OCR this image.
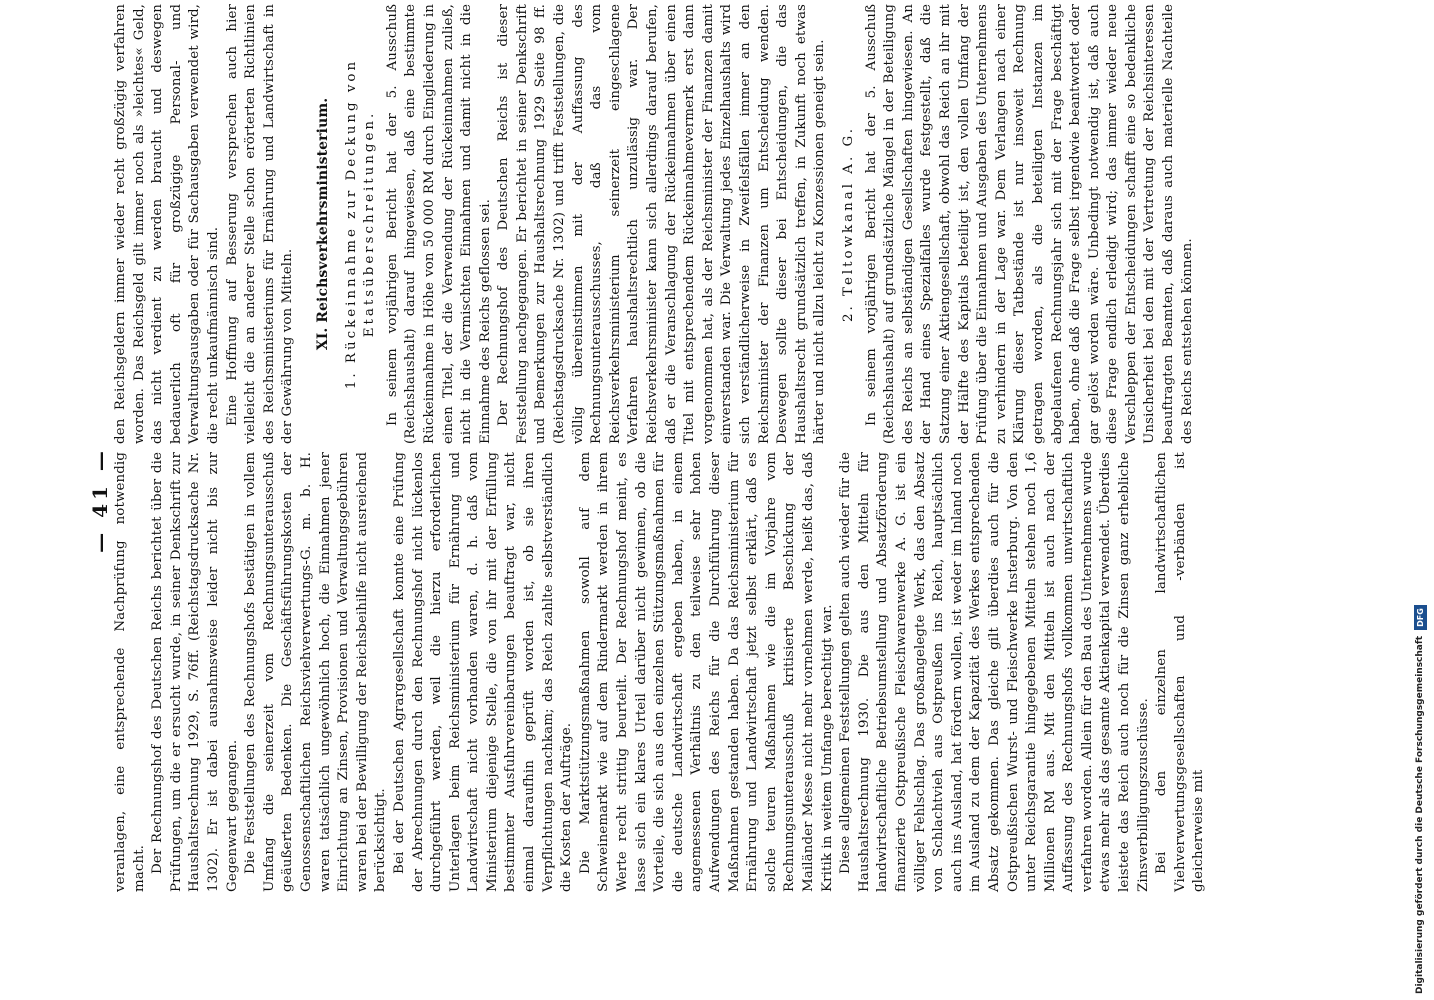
— 41 — veranlagen, eine entsprechende Nachprüfung notwendig macht. Der Rechnungshof des Deutschen Reichs berichtet über die Prüfungen, um die er ersucht wurde, in seiner Denkschrift zur Haushaltsrechnung 1929, S. 76ff. (Reichstagsdrucksache Nr. 1302). Er ist dabei ausnahmsweise leider nicht bis zur Gegenwart gegangen. Die Feststellungen des Rechnungshofs bestätigen in vollem Umfang die seinerzeit vom Rechnungsunterausschuß geäußerten Bedenken. Die Geschäftsführungskosten der Genossenschaftlichen Reichsviehverwertungs-G. m. b. H. waren tatsächlich ungewöhnlich hoch, die Einnahmen jener Einrichtung an Zinsen, Provisionen und Verwaltungsgebühren waren bei der Bewilligung der Reichsbeihilfe nicht ausreichend berücksichtigt. Bei der Deutschen Agrargesellschaft konnte eine Prüfung der Abrechnungen durch den Rechnungshof nicht lückenlos durchgeführt werden, weil die hierzu erforderlichen Unterlagen beim Reichsministerium für Ernährung und Landwirtschaft nicht vorhanden waren, d. h. daß vom Ministerium diejenige Stelle, die von ihr mit der Erfüllung bestimmter Ausfuhrvereinbarungen beauftragt war, nicht einmal daraufhin geprüft worden ist, ob sie ihren Verpflichtungen nachkam; das Reich zahlte selbstverständlich die Kosten der Aufträge. Die Marktstützungsmaßnahmen sowohl auf dem Schweinemarkt wie auf dem Rindermarkt werden in ihrem Werte recht strittig beurteilt. Der Rechnungshof meint, es lasse sich ein klares Urteil darüber nicht gewinnen, ob die Vorteile, die sich aus den einzelnen Stützungsmaßnahmen für die deutsche Landwirtschaft ergeben haben, in einem angemessenen Verhältnis zu den teilweise sehr hohen Aufwendungen des Reichs für die Durchführung dieser Maßnahmen gestanden haben. Da das Reichsministerium für Ernährung und Landwirtschaft jetzt selbst erklärt, daß es solche teuren Maßnahmen wie die im Vorjahre vom Rechnungsunterausschuß kritisierte Beschickung der Mailänder Messe nicht mehr vornehmen werde, heißt das, daß Kritik in weitem Umfange berechtigt war. Diese allgemeinen Feststellungen gelten auch wieder für die Haushaltsrechnung 1930. Die aus den Mitteln für landwirtschaftliche Betriebsumstellung und Absatzförderung finanzierte Ostpreußische Fleischwarenwerke A. G. ist ein völliger Fehlschlag. Das großangelegte Werk, das den Absatz von Schlachtvieh aus Ostpreußen ins Reich, hauptsächlich auch ins Ausland, hat fördern wollen, ist weder im Inland noch im Ausland zu dem der Kapazität des Werkes entsprechenden Absatz gekommen. Das gleiche gilt überdies auch für die Ostpreußischen Wurst- und Fleischwerke Insterburg. Von den unter Reichsgarantie hingegebenen Mitteln stehen noch 1,6 Millionen RM aus. Mit den Mitteln ist auch nach der Auffassung des Rechnungshofs vollkommen unwirtschaftlich verfahren worden. Allein für den Bau des Unternehmens wurde etwas mehr als das gesamte Aktienkapital verwendet. Überdies leistete das Reich auch noch für die Zinsen ganz erhebliche Zinsverbilligungszuschüsse. Bei den einzelnen landwirtschaftlichen Viehverwertungsgesellschaften und -verbänden ist gleicherweise mit

den Reichsgeldern immer wieder recht großzügig verfahren worden. Das Reichsgeld gilt immer noch als »leichtes« Geld, das nicht verdient zu werden braucht und deswegen bedauerlich oft für großzügige Personal- und Verwaltungsausgaben oder für Sachausgaben verwendet wird, die recht unkaufmännisch sind. Eine Hoffnung auf Besserung versprechen auch hier vielleicht die an anderer Stelle schon erörterten Richtlinien des Reichsministeriums für Ernährung und Landwirtschaft in der Gewährung von Mitteln. XI. Reichsverkehrsministerium. 1. Rückeinnahme zur Deckung von Etatsüberschreitungen. In seinem vorjährigen Bericht hat der 5. Ausschuß (Reichshaushalt) darauf hingewiesen, daß eine bestimmte Rückeinnahme in Höhe von 50 000 RM durch Eingliederung in einen Titel, der die Verwendung der Rückeinnahmen zuließ, nicht in die Vermischten Einnahmen und damit nicht in die Einnahme des Reichs geflossen sei. Der Rechnungshof des Deutschen Reichs ist dieser Feststellung nachgegangen. Er berichtet in seiner Denkschrift und Bemerkungen zur Haushaltsrechnung 1929 Seite 98 ff. (Reichstagsdrucksache Nr. 1302) und trifft Feststellungen, die völlig übereinstimmen mit der Auffassung des Rechnungsunterausschusses, daß das vom Reichsverkehrsministerium seinerzeit eingeschlagene Verfahren haushaltsrechtlich unzulässig war. Der Reichsverkehrsminister kann sich allerdings darauf berufen, daß er die Veranschlagung der Rückeinnahmen über einen Titel mit entsprechendem Rückeinnahmevermerk erst dann vorgenommen hat, als der Reichsminister der Finanzen damit einverstanden war. Die Verwaltung jedes Einzelhaushalts wird sich verständlicherweise in Zweifelsfällen immer an den Reichsminister der Finanzen um Entscheidung wenden. Deswegen sollte dieser bei Entscheidungen, die das Haushaltsrecht grundsätzlich treffen, in Zukunft noch etwas härter und nicht allzu leicht zu Konzessionen geneigt sein. 2. Teltowkanal A. G. In seinem vorjährigen Bericht hat der 5. Ausschuß (Reichshaushalt) auf grundsätzliche Mängel in der Beteiligung des Reichs an selbständigen Gesellschaften hingewiesen. An der Hand eines Spezialfalles wurde festgestellt, daß die Satzung einer Aktiengesellschaft, obwohl das Reich an ihr mit der Hälfte des Kapitals beteiligt ist, den vollen Umfang der Prüfung über die Einnahmen und Ausgaben des Unternehmens zu verhindern in der Lage war. Dem Verlangen nach einer Klärung dieser Tatbestände ist nur insoweit Rechnung getragen worden, als die beteiligten Instanzen im abgelaufenen Rechnungsjahr sich mit der Frage beschäftigt haben, ohne daß die Frage selbst irgendwie beantwortet oder gar gelöst worden wäre. Unbedingt notwendig ist, daß auch diese Frage endlich erledigt wird; das immer wieder neue Verschleppen der Entscheidungen schafft eine so bedenkliche Unsicherheit bei den mit der Vertretung der Reichsinteressen beauftragten Beamten, daß daraus auch materielle Nachteile des Reichs entstehen können.

Digitalisierung gefördert durch die Deutsche Forschungsgemeinschaft
DFG
